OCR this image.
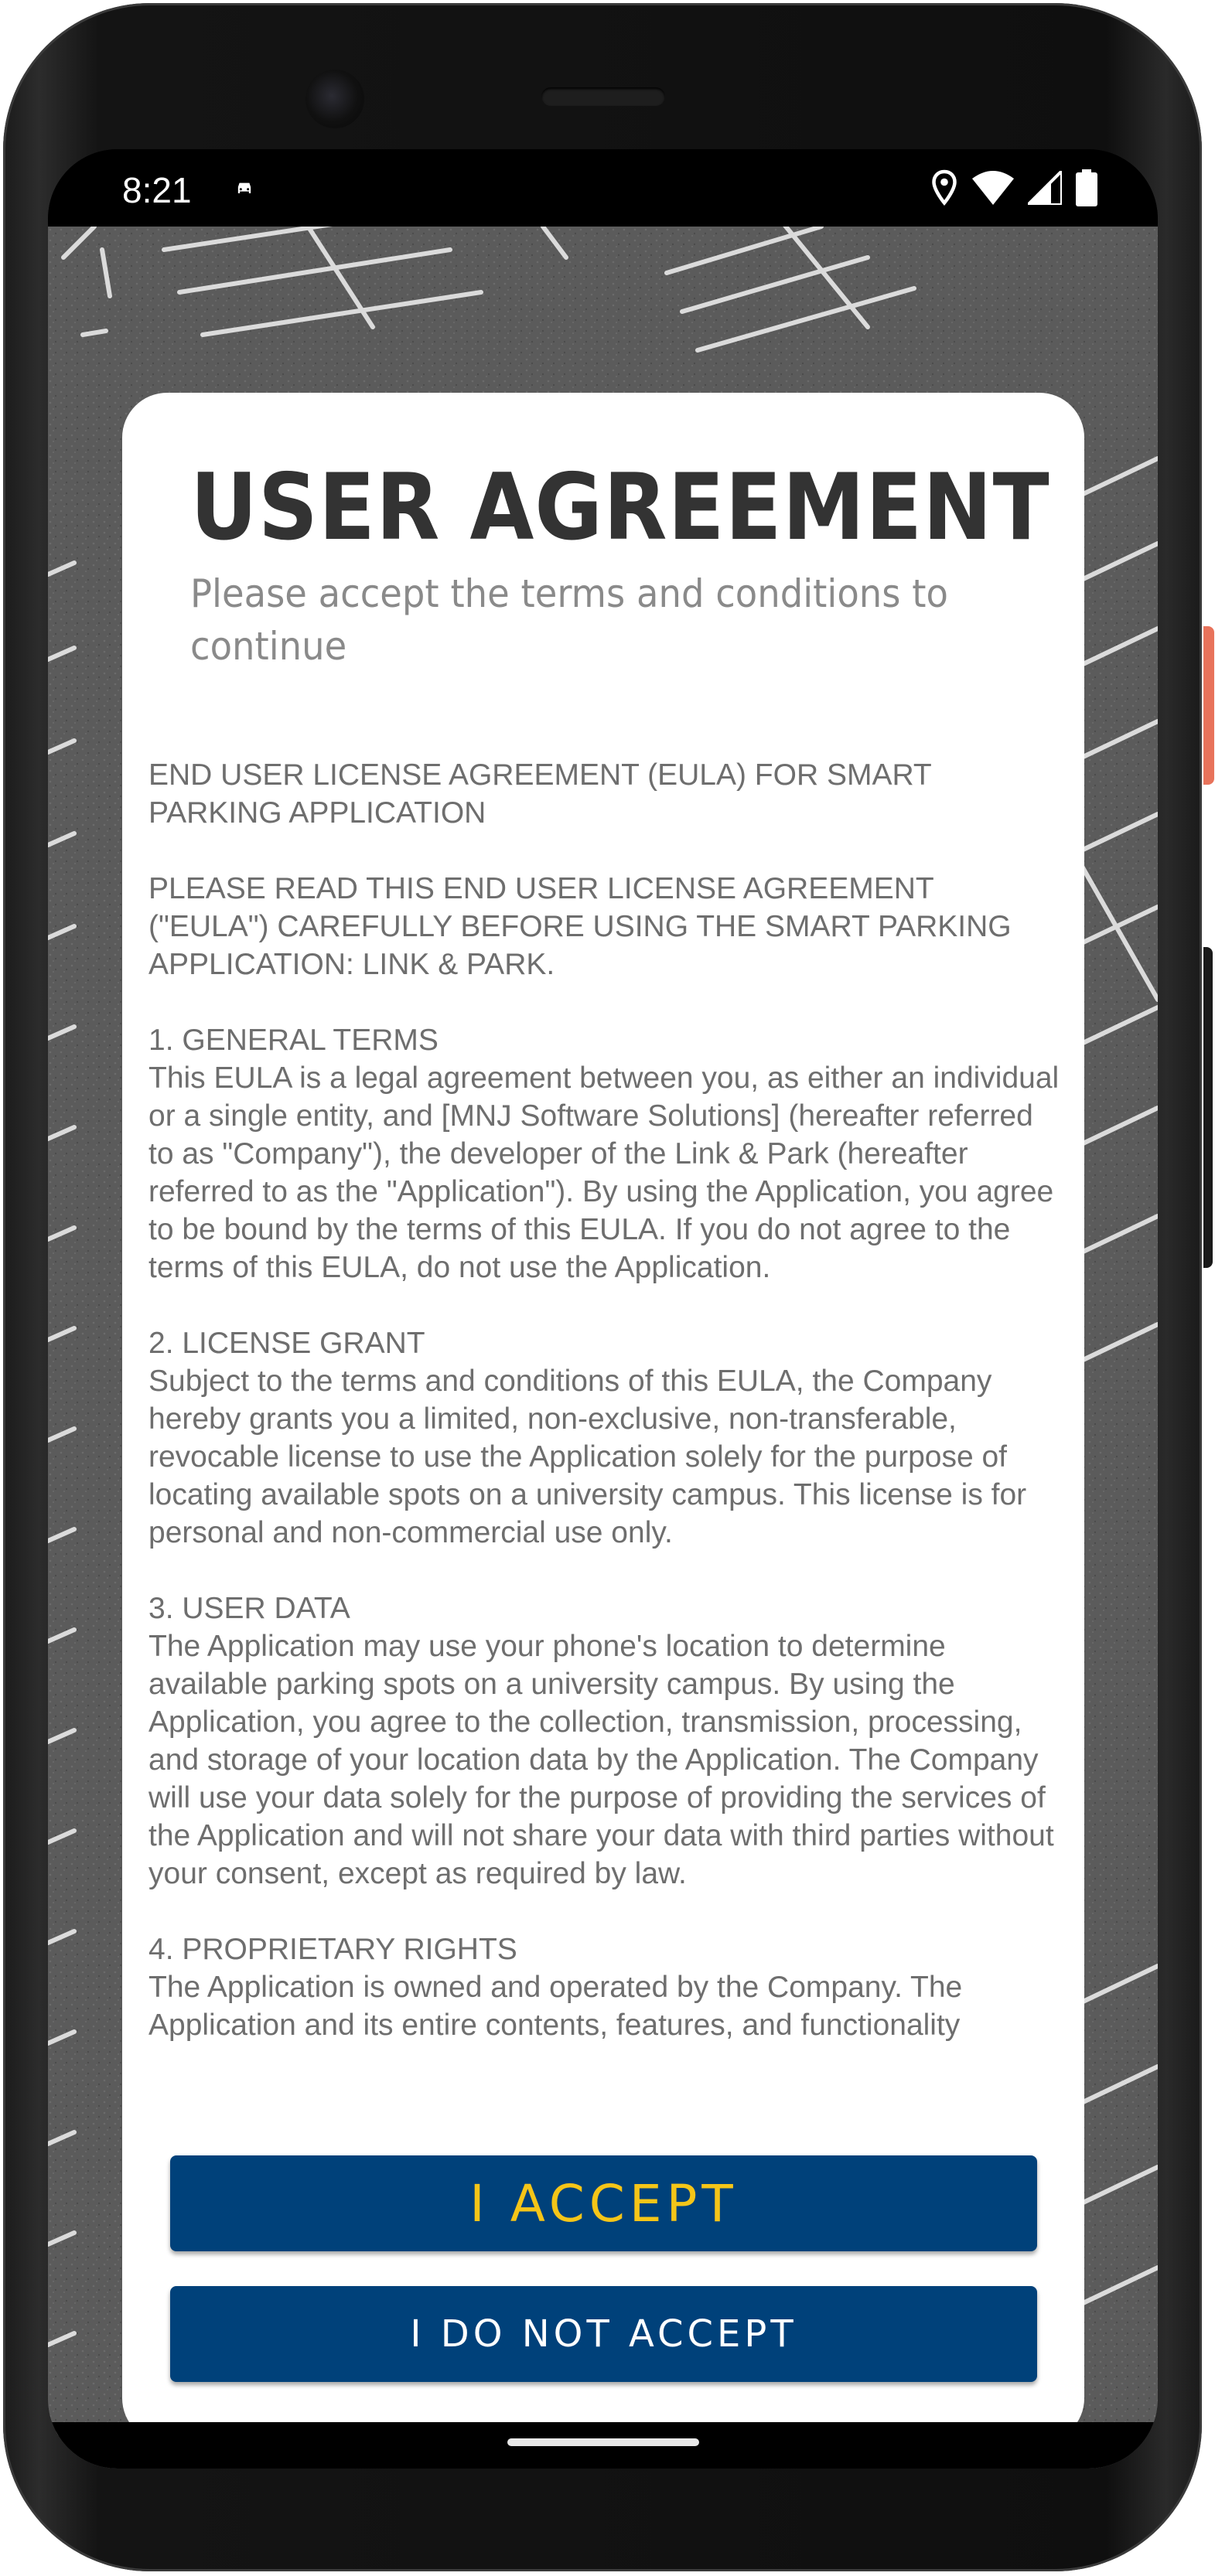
8:21
USER AGREEMENT
Please accept the terms and conditions to continue

END USER LICENSE AGREEMENT (EULA) FOR SMART PARKING APPLICATION

PLEASE READ THIS END USER LICENSE AGREEMENT ("EULA") CAREFULLY BEFORE USING THE SMART PARKING APPLICATION: LINK & PARK.

1. GENERAL TERMS
This EULA is a legal agreement between you, as either an individual or a single entity, and [MNJ Software Solutions] (hereafter referred to as "Company"), the developer of the Link & Park (hereafter referred to as the "Application"). By using the Application, you agree to be bound by the terms of this EULA. If you do not agree to the terms of this EULA, do not use the Application.

2. LICENSE GRANT
Subject to the terms and conditions of this EULA, the Company hereby grants you a limited, non-exclusive, non-transferable, revocable license to use the Application solely for the purpose of locating available spots on a university campus. This license is for personal and non-commercial use only.

3. USER DATA
The Application may use your phone's location to determine available parking spots on a university campus. By using the Application, you agree to the collection, transmission, processing, and storage of your location data by the Application. The Company will use your data solely for the purpose of providing the services of the Application and will not share your data with third parties without your consent, except as required by law.

4. PROPRIETARY RIGHTS
The Application is owned and operated by the Company. The Application and its entire contents, features, and functionality

I ACCEPT
I DO NOT ACCEPT
